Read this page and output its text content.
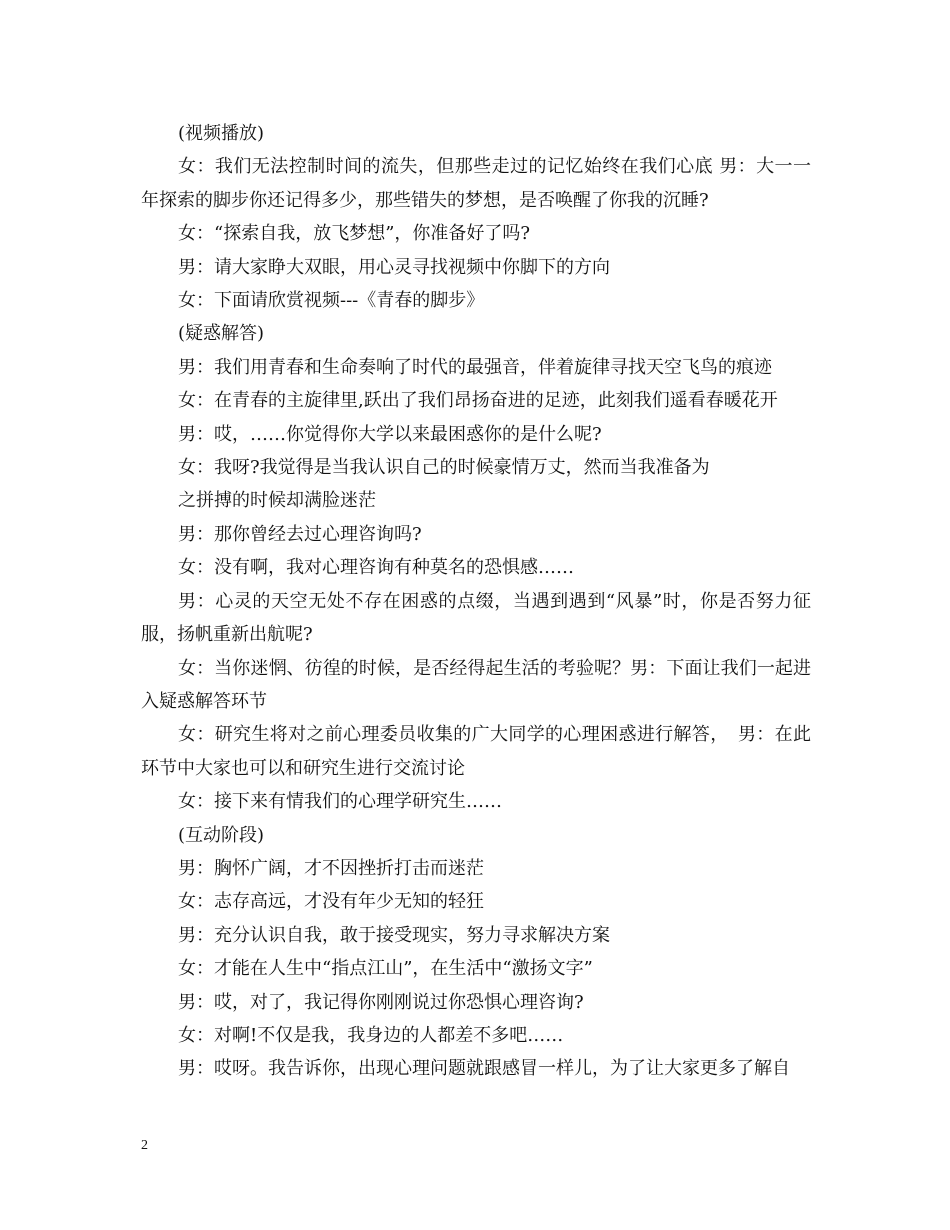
(视频播放)

女：我们无法控制时间的流失，但那些走过的记忆始终在我们心底 男：大一一年探索的脚步你还记得多少，那些错失的梦想，是否唤醒了你我的沉睡?

女：“探索自我，放飞梦想”，你准备好了吗?

男：请大家睁大双眼，用心灵寻找视频中你脚下的方向

女：下面请欣赏视频---《青春的脚步》

(疑惑解答)

男：我们用青春和生命奏响了时代的最强音，伴着旋律寻找天空飞鸟的痕迹

女：在青春的主旋律里,跃出了我们昂扬奋进的足迹，此刻我们遥看春暖花开

男：哎，……你觉得你大学以来最困惑你的是什么呢?

女：我呀?我觉得是当我认识自己的时候豪情万丈，然而当我准备为

之拼搏的时候却满脸迷茫

男：那你曾经去过心理咨询吗?

女：没有啊，我对心理咨询有种莫名的恐惧感……

男：心灵的天空无处不存在困惑的点缀，当遇到遇到“风暴”时，你是否努力征服，扬帆重新出航呢?

女：当你迷惘、彷徨的时候，是否经得起生活的考验呢？男：下面让我们一起进入疑惑解答环节

女：研究生将对之前心理委员收集的广大同学的心理困惑进行解答，　男：在此环节中大家也可以和研究生进行交流讨论

女：接下来有情我们的心理学研究生……

(互动阶段)

男：胸怀广阔，才不因挫折打击而迷茫

女：志存高远，才没有年少无知的轻狂

男：充分认识自我，敢于接受现实，努力寻求解决方案

女：才能在人生中“指点江山”，在生活中“激扬文字”

男：哎，对了，我记得你刚刚说过你恐惧心理咨询?

女：对啊!不仅是我，我身边的人都差不多吧……

男：哎呀。我告诉你，出现心理问题就跟感冒一样儿，为了让大家更多了解自

2
